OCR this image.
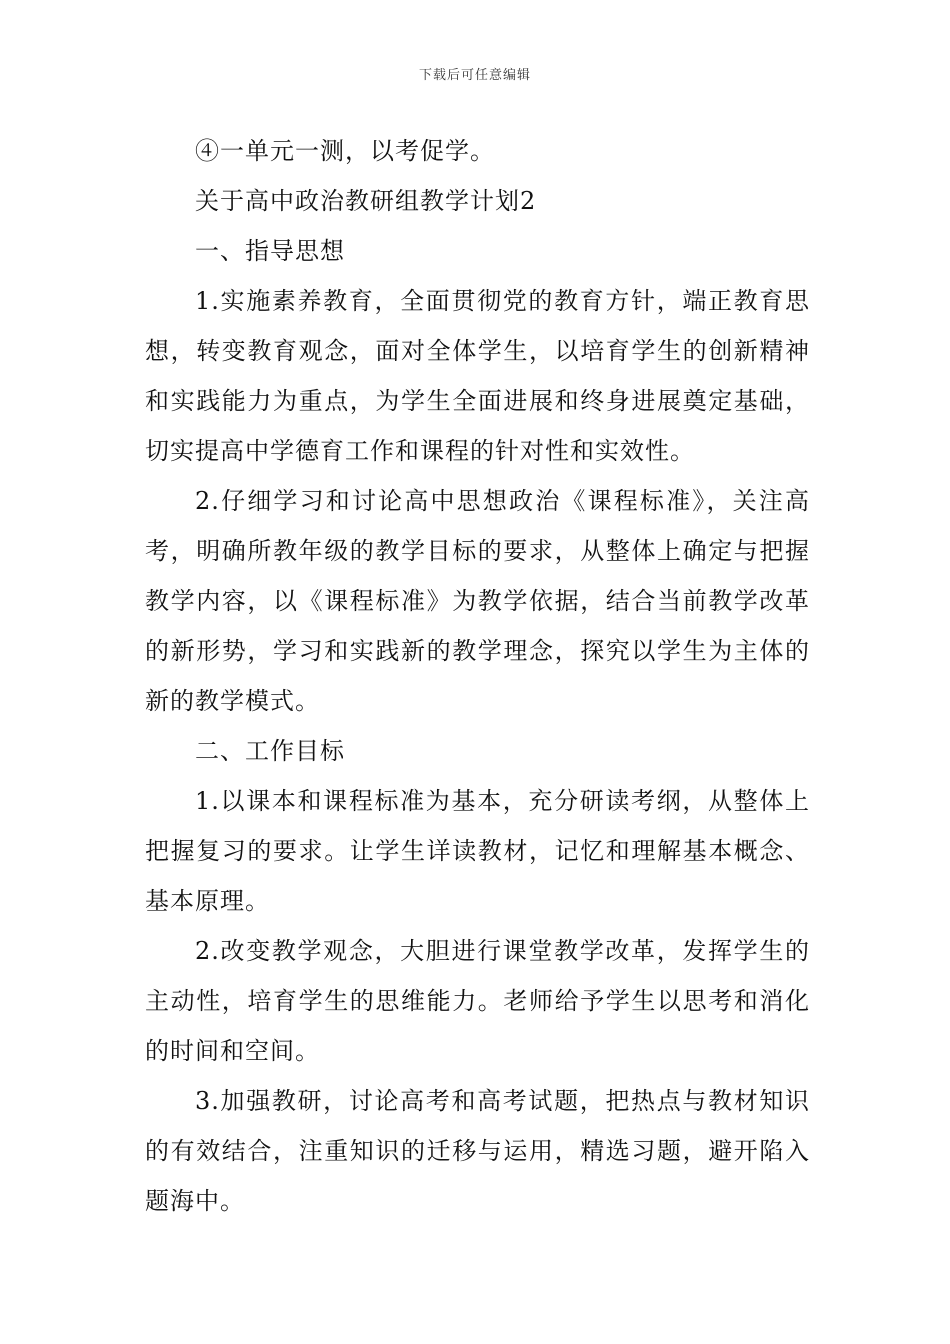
下载后可任意编辑

④一单元一测，以考促学。

关于高中政治教研组教学计划2

一、指导思想

1.实施素养教育，全面贯彻党的教育方针，端正教育思想，转变教育观念，面对全体学生，以培育学生的创新精神和实践能力为重点，为学生全面进展和终身进展奠定基础，切实提高中学德育工作和课程的针对性和实效性。

2.仔细学习和讨论高中思想政治《课程标准》，关注高考，明确所教年级的教学目标的要求，从整体上确定与把握教学内容，以《课程标准》为教学依据，结合当前教学改革的新形势，学习和实践新的教学理念，探究以学生为主体的新的教学模式。

二、工作目标

1.以课本和课程标准为基本，充分研读考纲，从整体上把握复习的要求。让学生详读教材，记忆和理解基本概念、基本原理。

2.改变教学观念，大胆进行课堂教学改革，发挥学生的主动性，培育学生的思维能力。老师给予学生以思考和消化的时间和空间。

3.加强教研，讨论高考和高考试题，把热点与教材知识的有效结合，注重知识的迁移与运用，精选习题，避开陷入题海中。
